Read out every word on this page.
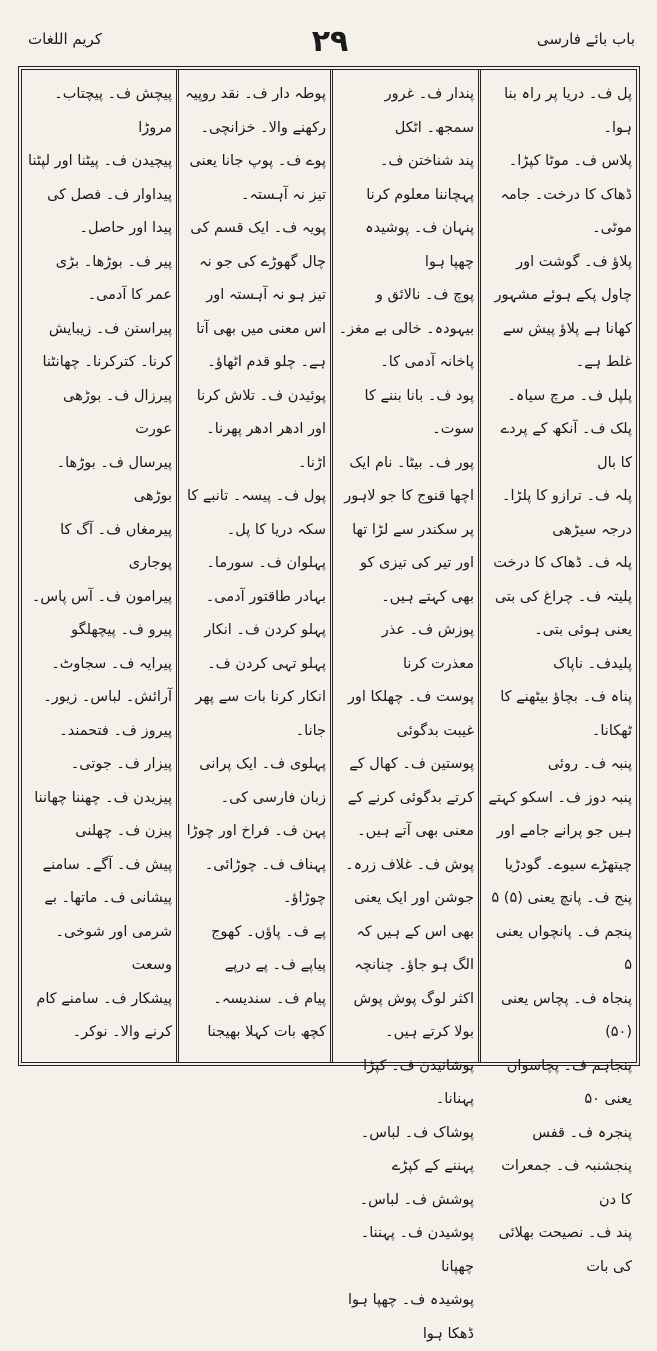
کریم اللغات	۲۹	باب بائے فارسی

پل ف۔ دریا پر راہ بنا ہوا۔

پلاس ف۔ موٹا کپڑا۔ ڈھاک کا درخت۔ جامہ موٹی۔

پلاؤ ف۔ گوشت اور چاول پکے ہوئے مشہور کھانا ہے پلاؤ پیش سے غلط ہے۔

پلپل ف۔ مرچ سیاہ۔

پلک ف۔ آنکھ کے پردے کا بال

پلہ ف۔ ترازو کا پلڑا۔ درجہ سیڑھی

پلہ ف۔ ڈھاک کا درخت

پلیتہ ف۔ چراغ کی بتی یعنی ہوئی بتی۔

پلیدف۔ ناپاک

پناہ ف۔ بچاؤ بیٹھنے کا ٹھکانا۔

پنبہ ف۔ روئی

پنبہ دوز ف۔ اسکو کہتے ہیں جو پرانے جامے اور چیتھڑے سیوے۔ گودڑیا

پنج ف۔ پانچ یعنی (۵) ۵

پنجم ف۔ پانچواں یعنی ۵

پنجاہ ف۔ پچاس یعنی (۵۰)

پنجاہم ف۔ پچاسواں یعنی ۵۰

پنجرہ ف۔ قفس

پنجشنبہ ف۔ جمعرات کا دن

پند ف۔ نصیحت بھلائی کی بات

پندار ف۔ غرور سمجھ۔ اٹکل

پند شناختن ف۔ پہچاننا معلوم کرنا

پنہان ف۔ پوشیدہ چھپا ہوا

پوچ ف۔ نالائق و بیہودہ۔ خالی بے مغز۔ پاخانہ آدمی کا۔

پود ف۔ بانا بننے کا سوت۔

پور ف۔ بیٹا۔ نام ایک اچھا قنوج کا جو لاہور پر سکندر سے لڑا تھا اور تیر کی تیزی کو بھی کہتے ہیں۔

پوزش ف۔ عذر معذرت کرنا

پوست ف۔ چھلکا اور غیبت بدگوئی

پوستین ف۔ کھال کے کرتے بدگوئی کرنے کے معنی بھی آتے ہیں۔

پوش ف۔ غلاف زرہ۔ جوشن اور ایک یعنی بھی اس کے ہیں کہ الگ ہو جاؤ۔ چنانچہ اکثر لوگ پوش پوش بولا کرتے ہیں۔

پوشانیدن ف۔ کپڑا پہنانا۔

پوشاک ف۔ لباس۔ پہننے کے کپڑے

پوشش ف۔ لباس۔

پوشیدن ف۔ پہننا۔ چھپانا

پوشیدہ ف۔ چھپا ہوا ڈھکا ہوا

پوطہ دار ف۔ نقد روپیہ رکھنے والا۔ خزانچی۔

پوے ف۔ پوپ جانا یعنی تیز نہ آہستہ۔

پویہ ف۔ ایک قسم کی چال گھوڑے کی جو نہ تیز ہو نہ آہستہ اور اس معنی میں بھی آتا ہے۔ چلو قدم اٹھاؤ۔

پوئیدن ف۔ تلاش کرنا اور ادھر ادھر پھرنا۔ اڑنا۔

پول ف۔ پیسہ۔ تانبے کا سکہ دریا کا پل۔

پہلوان ف۔ سورما۔ بہادر طاقتور آدمی۔

پہلو کردن ف۔ انکار

پہلو تہی کردن ف۔ انکار کرنا بات سے پھر جانا۔

پہلوی ف۔ ایک پرانی زبان فارسی کی۔

پہن ف۔ فراخ اور چوڑا

پہناف ف۔ چوڑائی۔ چوڑاؤ۔

پے ف۔ پاؤں۔ کھوج

پیاپے ف۔ پے درپے

پیام ف۔ سندیسہ۔ کچھ بات کہلا بھیجنا

پیچش ف۔ پیچتاب۔ مروڑا

پیچیدن ف۔ پیٹنا اور لپٹنا

پیداوار ف۔ فصل کی پیدا اور حاصل۔

پیر ف۔ بوڑھا۔ بڑی عمر کا آدمی۔

پیراستن ف۔ زیبایش کرنا۔ کترکرنا۔ چھانٹنا

پیرزال ف۔ بوڑھی عورت

پیرسال ف۔ بوڑھا۔ بوڑھی

پیرمغاں ف۔ آگ کا پوجاری

پیرامون ف۔ آس پاس۔

پیرو ف۔ پیچھلگو

پیرایہ ف۔ سجاوٹ۔ آرائش۔ لباس۔ زیور۔

پیروز ف۔ فتحمند۔

پیزار ف۔ جوتی۔

پیزیدن ف۔ چھننا چھاننا

پیزن ف۔ چھلنی

پیش ف۔ آگے۔ سامنے

پیشانی ف۔ ماتھا۔ بے شرمی اور شوخی۔ وسعت

پیشکار ف۔ سامنے کام کرنے والا۔ نوکر۔
